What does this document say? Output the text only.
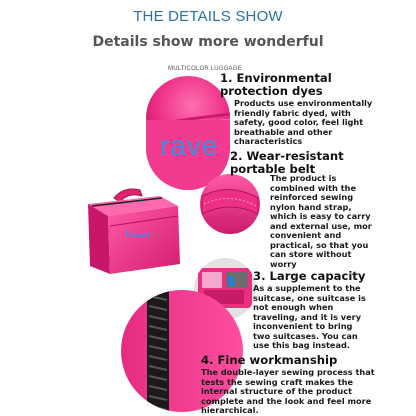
THE DETAILS SHOW
Details show more wonderful
MULTICOLOR LUGGAGE
rave
Travel
1. Environmental
protection dyes
Products use environmentally
friendly fabric dyed, with
safety, good color, feel light
breathable and other
characteristics
2. Wear-resistant
portable belt
The product is
combined with the
reinforced sewing
nylon hand strap,
which is easy to carry
and external use, mor
convenient and
practical, so that you
can store without
worry
3. Large capacity
As a supplement to the
suitcase, one suitcase is
not enough when
traveling, and it is very
inconvenient to bring
two suitcases. You can
use this bag instead.
4. Fine workmanship
The double-layer sewing process that
tests the sewing craft makes the
internal structure of the product
complete and the look and feel more
hierarchical.
